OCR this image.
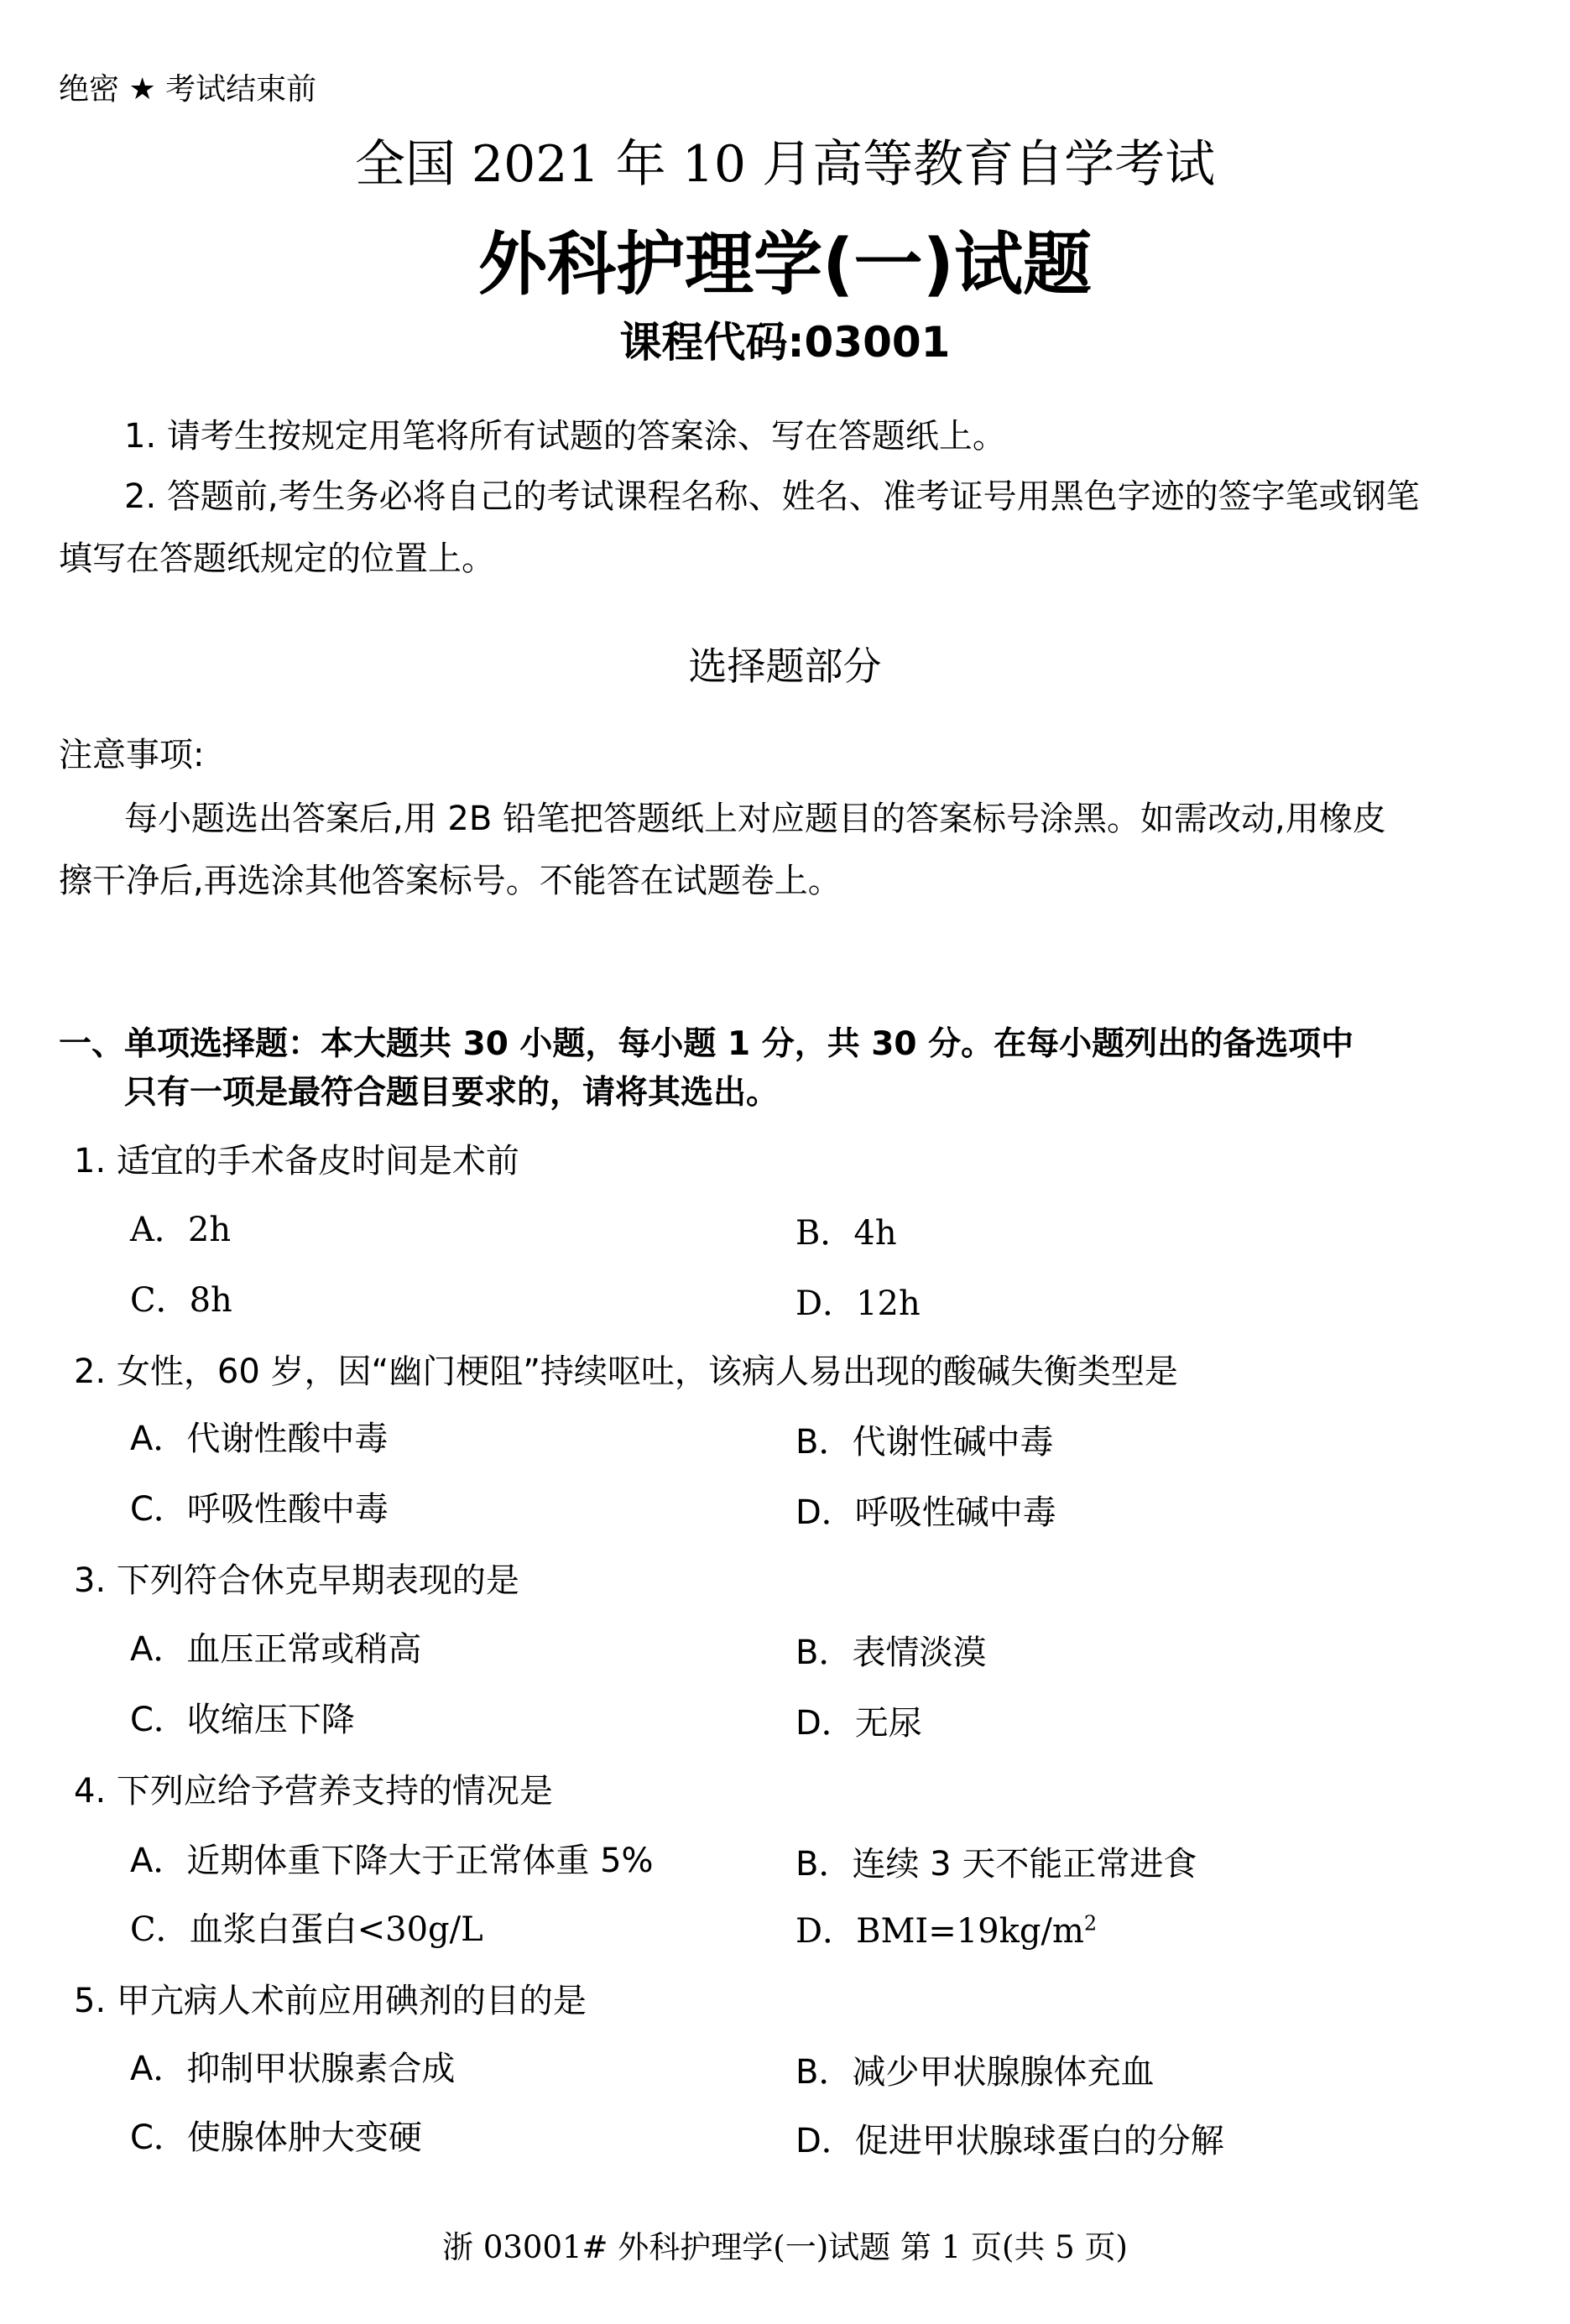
绝密 ★ 考试结束前
全国 2021 年 10 月高等教育自学考试
外科护理学(一)试题
课程代码:03001
1. 请考生按规定用笔将所有试题的答案涂、写在答题纸上。
2. 答题前,考生务必将自己的考试课程名称、姓名、准考证号用黑色字迹的签字笔或钢笔
填写在答题纸规定的位置上。
选择题部分
注意事项:
每小题选出答案后,用 2B 铅笔把答题纸上对应题目的答案标号涂黑。如需改动,用橡皮
擦干净后,再选涂其他答案标号。不能答在试题卷上。
一、单项选择题：本大题共 30 小题，每小题 1 分，共 30 分。在每小题列出的备选项中
只有一项是最符合题目要求的，请将其选出。
1. 适宜的手术备皮时间是术前
A．2h	B．4h
C．8h	D．12h
2. 女性，60 岁，因“幽门梗阻”持续呕吐，该病人易出现的酸碱失衡类型是
A．代谢性酸中毒	B．代谢性碱中毒
C．呼吸性酸中毒	D．呼吸性碱中毒
3. 下列符合休克早期表现的是
A．血压正常或稍高	B．表情淡漠
C．收缩压下降	D．无尿
4. 下列应给予营养支持的情况是
A．近期体重下降大于正常体重 5%	B．连续 3 天不能正常进食
C．血浆白蛋白<30g/L	D．$BMI=19kg/m^2$
5. 甲亢病人术前应用碘剂的目的是
A．抑制甲状腺素合成	B．减少甲状腺腺体充血
C．使腺体肿大变硬	D．促进甲状腺球蛋白的分解
浙 03001# 外科护理学(一)试题 第 1 页(共 5 页)
